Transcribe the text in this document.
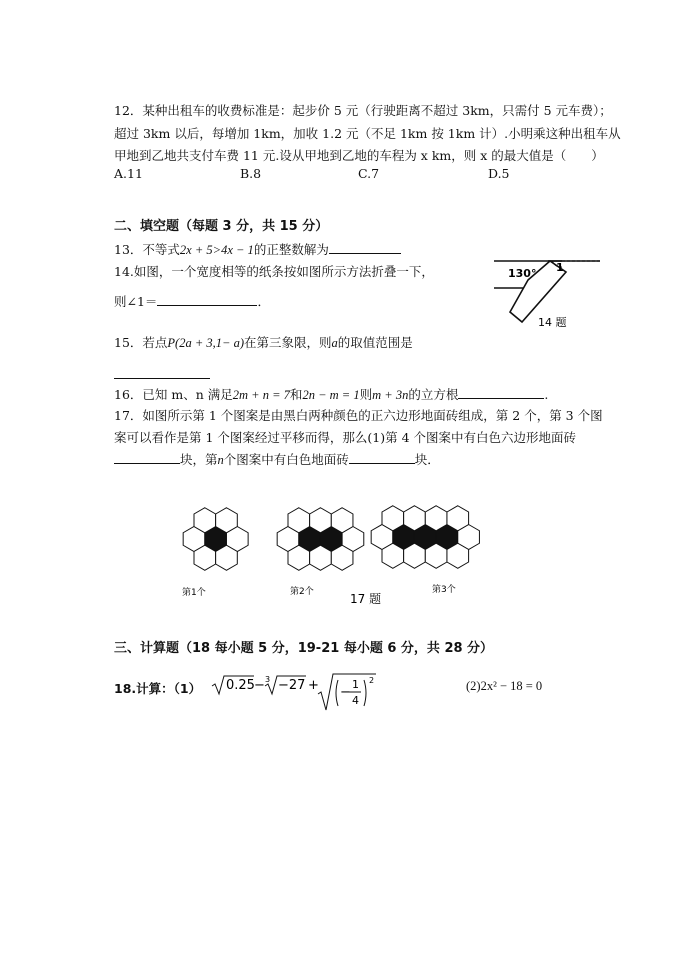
12．某种出租车的收费标准是：起步价 5 元（行驶距离不超过 3km，只需付 5 元车费）；
超过 3km 以后，每增加 1km，加收 1.2 元（不足 1km 按 1km 计）.小明乘这种出租车从
甲地到乙地共支付车费 11 元.设从甲地到乙地的车程为 x km，则 x 的最大值是（　　）
A.11	B.8	C.7	D.5
二、填空题（每题 3 分，共 15 分）
13．不等式2x + 5>4x − 1的正整数解为
14.如图，一个宽度相等的纸条按如图所示方法折叠一下，
则∠1＝	．
130° 1
14 题
15．若点P(2a + 3,1− a)在第三象限，则a的取值范围是
16．已知 m、n 满足2m + n = 7和2n − m = 1则m + 3n的立方根	.
17．如图所示第 1 个图案是由黑白两种颜色的正六边形地面砖组成，第 2 个，第 3 个图
案可以看作是第 1 个图案经过平移而得，那么(1)第 4 个图案中有白色六边形地面砖
块，第n个图案中有白色地面砖	块．
第1个	第2个	第3个
17 题
三、计算题（18 每小题 5 分，19-21 每小题 6 分，共 28 分）
18.计算：（1） 0.25 − 3 −27 + −
1
4
2	(2)2x² − 18 = 0
